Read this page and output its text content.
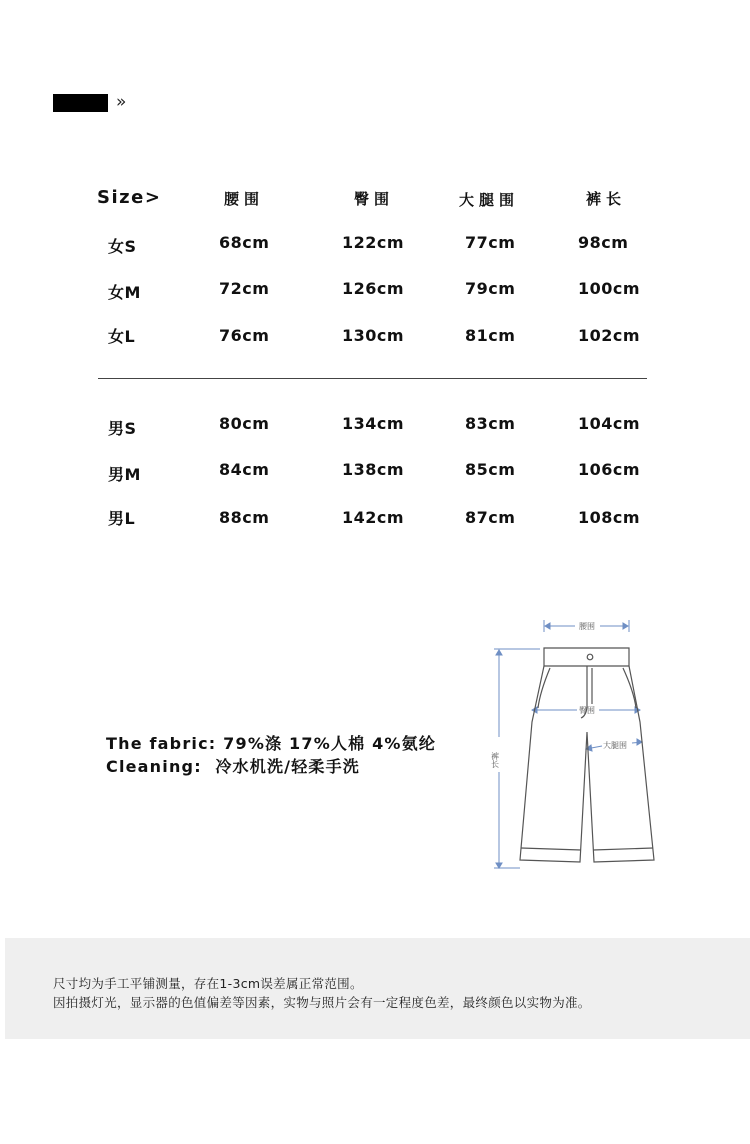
»
Size>	腰围	臀围	大腿围	裤长
女S	68cm	122cm	77cm	98cm
女M	72cm	126cm	79cm	100cm
女L	76cm	130cm	81cm	102cm
男S	80cm	134cm	83cm	104cm
男M	84cm	138cm	85cm	106cm
男L	88cm	142cm	87cm	108cm
The fabric: 79%涤 17%人棉 4%氨纶
Cleaning: 冷水机洗/轻柔手洗
腰围
臀围
大腿围
裤长

尺寸均为手工平铺测量，存在1-3cm误差属正常范围。

因拍摄灯光，显示器的色值偏差等因素，实物与照片会有一定程度色差，最终颜色以实物为准。
